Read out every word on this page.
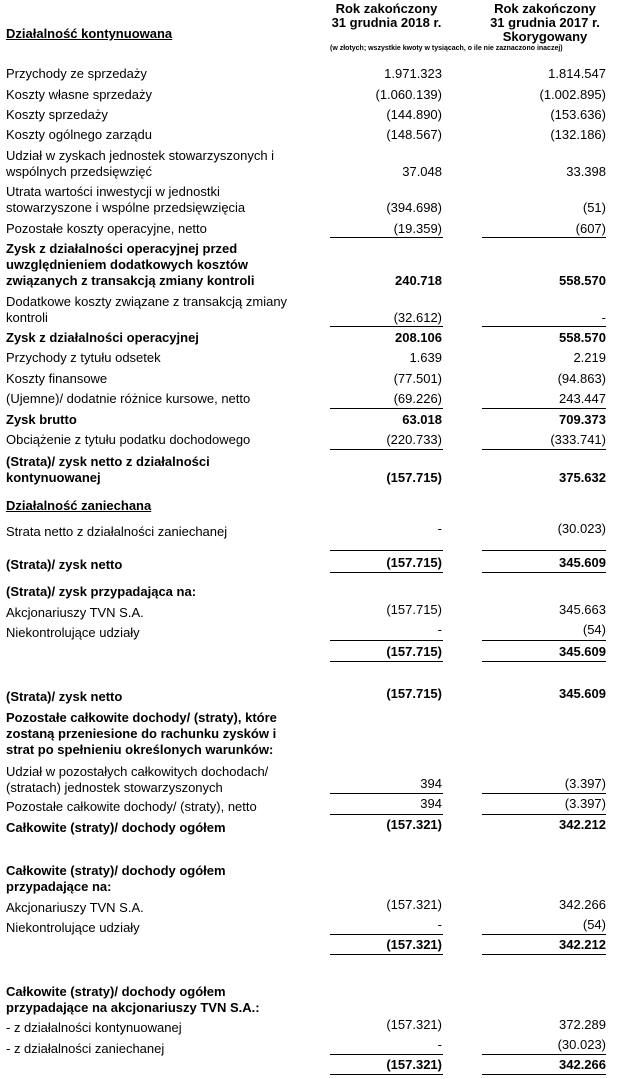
Rok zakończony
31 grudnia 2018 r.
Rok zakończony
31 grudnia 2017 r.
Skorygowany
Działalność kontynuowana
(w złotych; wszystkie kwoty w tysiącach, o ile nie zaznaczono inaczej)
Przychody ze sprzedaży	1.971.323	1.814.547
Koszty własne sprzedaży	(1.060.139)	(1.002.895)
Koszty sprzedaży	(144.890)	(153.636)
Koszty ogólnego zarządu	(148.567)	(132.186)
Udział w zyskach jednostek stowarzyszonych i
wspólnych przedsięwzięć	37.048	33.398
Utrata wartości inwestycji w jednostki
stowarzyszone i wspólne przedsięwzięcia	(394.698)	(51)
Pozostałe koszty operacyjne, netto	(19.359)	(607)
Zysk z działalności operacyjnej przed
uwzględnieniem dodatkowych kosztów
związanych z transakcją zmiany kontroli	240.718	558.570
Dodatkowe koszty związane z transakcją zmiany
kontroli	(32.612)	-
Zysk z działalności operacyjnej	208.106	558.570
Przychody z tytułu odsetek	1.639	2.219
Koszty finansowe	(77.501)	(94.863)
(Ujemne)/ dodatnie różnice kursowe, netto	(69.226)	243.447
Zysk brutto	63.018	709.373
Obciążenie z tytułu podatku dochodowego	(220.733)	(333.741)
(Strata)/ zysk netto z działalności
kontynuowanej	(157.715)	375.632
Działalność zaniechana
Strata netto z działalności zaniechanej	-	(30.023)
(Strata)/ zysk netto	(157.715)	345.609
(Strata)/ zysk przypadająca na:
Akcjonariuszy TVN S.A.	(157.715)	345.663
Niekontrolujące udziały	-	(54)
(157.715)	345.609
(Strata)/ zysk netto	(157.715)	345.609
Pozostałe całkowite dochody/ (straty), które
zostaną przeniesione do rachunku zysków i
strat po spełnieniu określonych warunków:
Udział w pozostałych całkowitych dochodach/
(stratach) jednostek stowarzyszonych	394	(3.397)
Pozostałe całkowite dochody/ (straty), netto	394	(3.397)
Całkowite (straty)/ dochody ogółem	(157.321)	342.212
Całkowite (straty)/ dochody ogółem
przypadające na:
Akcjonariuszy TVN S.A.	(157.321)	342.266
Niekontrolujące udziały	-	(54)
(157.321)	342.212
Całkowite (straty)/ dochody ogółem
przypadające na akcjonariuszy TVN S.A.:
- z działalności kontynuowanej	(157.321)	372.289
- z działalności zaniechanej	-	(30.023)
(157.321)	342.266
